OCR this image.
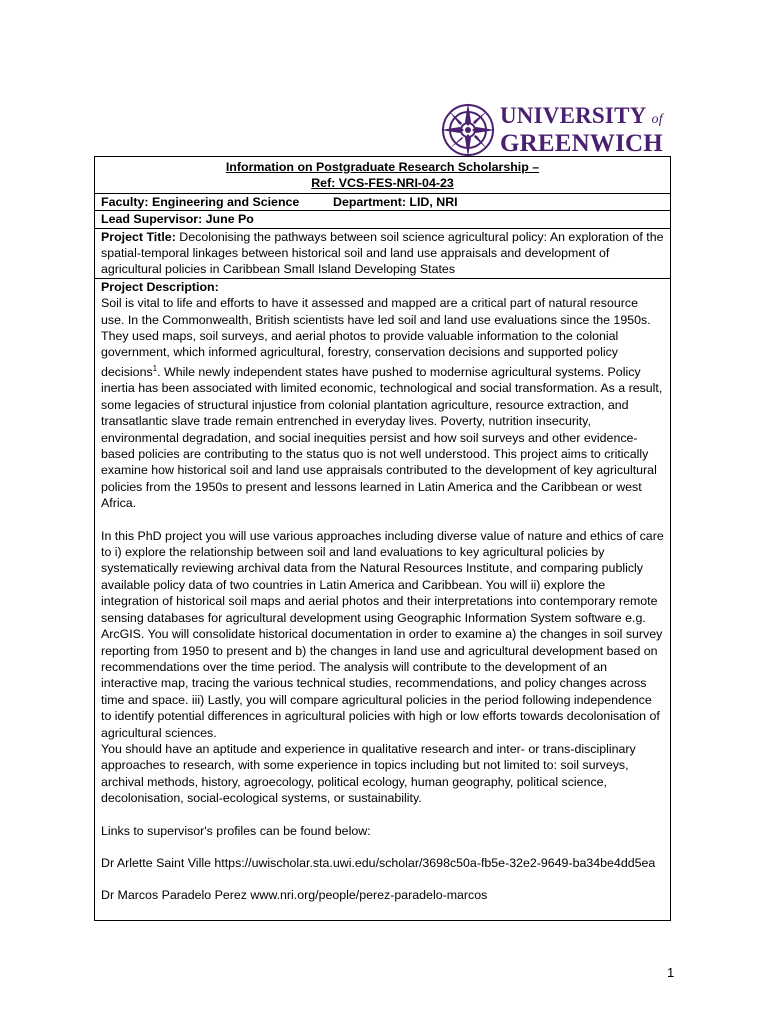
UNIVERSITY of
GREENWICH
Information on Postgraduate Research Scholarship –
Ref: VCS-FES-NRI-04-23
Faculty: Engineering and Science	Department: LID, NRI
Lead Supervisor: June Po
Project Title: Decolonising the pathways between soil science agricultural policy: An exploration of the spatial-temporal linkages between historical soil and land use appraisals and development of agricultural policies in Caribbean Small Island Developing States
Project Description:

Soil is vital to life and efforts to have it assessed and mapped are a critical part of natural resource use. In the Commonwealth, British scientists have led soil and land use evaluations since the 1950s. They used maps, soil surveys, and aerial photos to provide valuable information to the colonial government, which informed agricultural, forestry, conservation decisions and supported policy decisions$^1$. While newly independent states have pushed to modernise agricultural systems. Policy inertia has been associated with limited economic, technological and social transformation. As a result, some legacies of structural injustice from colonial plantation agriculture, resource extraction, and transatlantic slave trade remain entrenched in everyday lives. Poverty, nutrition insecurity, environmental degradation, and social inequities persist and how soil surveys and other evidence-based policies are contributing to the status quo is not well understood. This project aims to critically examine how historical soil and land use appraisals contributed to the development of key agricultural policies from the 1950s to present and lessons learned in Latin America and the Caribbean or west Africa.

In this PhD project you will use various approaches including diverse value of nature and ethics of care to i) explore the relationship between soil and land evaluations to key agricultural policies by systematically reviewing archival data from the Natural Resources Institute, and comparing publicly available policy data of two countries in Latin America and Caribbean. You will ii) explore the integration of historical soil maps and aerial photos and their interpretations into contemporary remote sensing databases for agricultural development using Geographic Information System software e.g. ArcGIS. You will consolidate historical documentation in order to examine a) the changes in soil survey reporting from 1950 to present and b) the changes in land use and agricultural development based on recommendations over the time period. The analysis will contribute to the development of an interactive map, tracing the various technical studies, recommendations, and policy changes across time and space. iii) Lastly, you will compare agricultural policies in the period following independence to identify potential differences in agricultural policies with high or low efforts towards decolonisation of agricultural sciences.

You should have an aptitude and experience in qualitative research and inter- or trans-disciplinary approaches to research, with some experience in topics including but not limited to: soil surveys, archival methods, history, agroecology, political ecology, human geography, political science, decolonisation, social-ecological systems, or sustainability.

Links to supervisor's profiles can be found below:

Dr Arlette Saint Ville https://uwischolar.sta.uwi.edu/scholar/3698c50a-fb5e-32e2-9649-ba34be4dd5ea

Dr Marcos Paradelo Perez www.nri.org/people/perez-paradelo-marcos

1
